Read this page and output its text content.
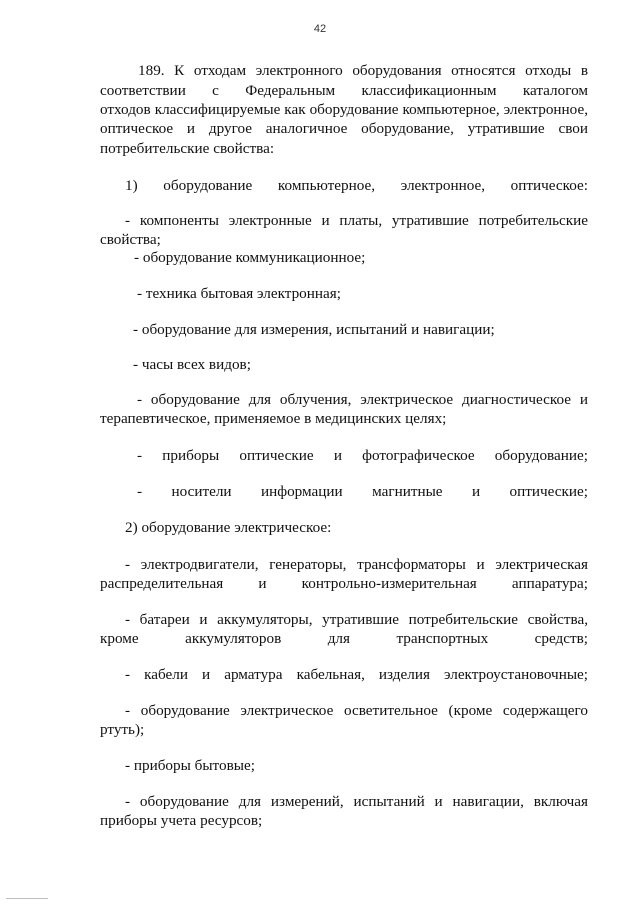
42
189. К отходам электронного оборудования относятся отходы в
соответствии с Федеральным классификационным каталогом
отходов классифицируемые как оборудование компьютерное, электронное,
оптическое и другое аналогичное оборудование, утратившие свои
потребительские свойства:
1) оборудование компьютерное, электронное, оптическое:
- компоненты электронные и платы, утратившие потребительские
свойства;
- оборудование коммуникационное;
- техника бытовая электронная;
- оборудование для измерения, испытаний и навигации;
- часы всех видов;
- оборудование для облучения, электрическое диагностическое и
терапевтическое, применяемое в медицинских целях;
- приборы оптические и фотографическое оборудование;
- носители информации магнитные и оптические;
2) оборудование электрическое:
- электродвигатели, генераторы, трансформаторы и электрическая
распределительная и контрольно-измерительная аппаратура;
- батареи и аккумуляторы, утратившие потребительские свойства,
кроме аккумуляторов для транспортных средств;
- кабели и арматура кабельная, изделия электроустановочные;
- оборудование электрическое осветительное (кроме содержащего
ртуть);
- приборы бытовые;
- оборудование для измерений, испытаний и навигации, включая
приборы учета ресурсов;
